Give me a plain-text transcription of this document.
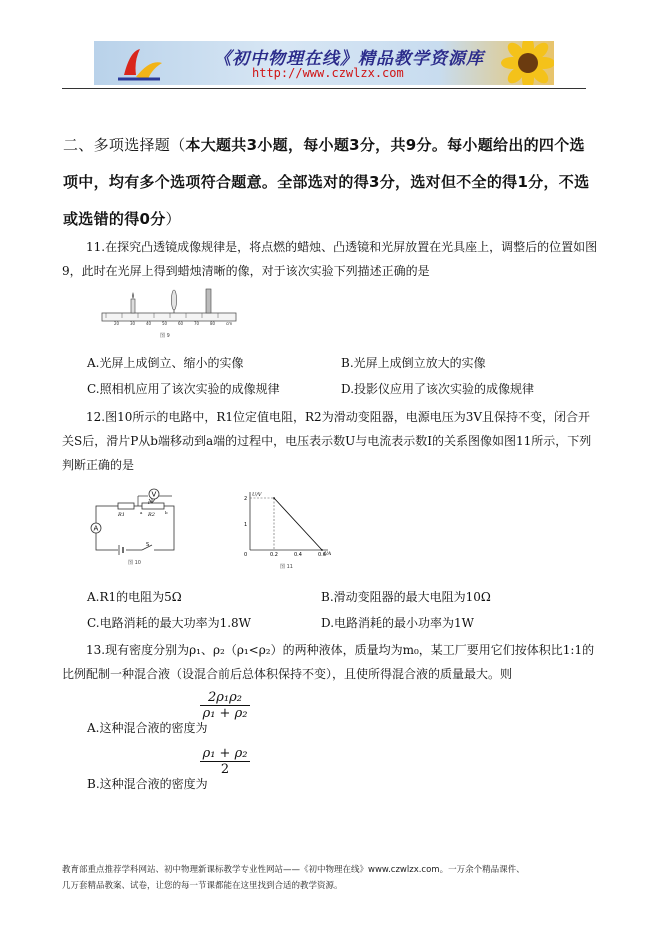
《初中物理在线》精品教学资源库
http://www.czwlzx.com
二、多项选择题（本大题共3小题，每小题3分，共9分。每小题给出的四个选项中，均有多个选项符合题意。全部选对的得3分，选对但不全的得1分，不选或选错的得0分）
11.在探究凸透镜成像规律是，将点燃的蜡烛、凸透镜和光屏放置在光具座上，调整后的位置如图9，此时在光屏上得到蜡烛清晰的像，对于该次实验下列描述正确的是
20	30	40	50	60	70	80	cm
图 9
A.光屏上成倒立、缩小的实像	B.光屏上成倒立放大的实像
C.照相机应用了该次实验的成像规律	D.投影仪应用了该次实验的成像规律
12.图10所示的电路中，R1位定值电阻，R2为滑动变阻器，电源电压为3V且保持不变，闭合开关S后，滑片P从b端移动到a端的过程中，电压表示数U与电流表示数I的关系图像如图11所示，下列判断正确的是
V
A
S
R1	R2
a	b
P
图 10
U/V
I/A
0	0.2	0.4	0.6
1
2
图 11
A.R1的电阻为5Ω	B.滑动变阻器的最大电阻为10Ω
C.电路消耗的最大功率为1.8W	D.电路消耗的最小功率为1W
13.现有密度分别为ρ₁、ρ₂（ρ₁<ρ₂）的两种液体，质量均为m₀，某工厂要用它们按体积比1:1的比例配制一种混合液（设混合前后总体积保持不变），且使所得混合液的质量最大。则
A.这种混合液的密度为
$\frac{\text{2ρ₁ρ₂}}{\text{ρ₁ + ρ₂}}$
B.这种混合液的密度为
$\frac{\text{ρ₁ + ρ₂}}{2}$
教育部重点推荐学科网站、初中物理新课标教学专业性网站——《初中物理在线》www.czwlzx.com。一万余个精品课件、
几万套精品教案、试卷，让您的每一节课都能在这里找到合适的教学资源。
